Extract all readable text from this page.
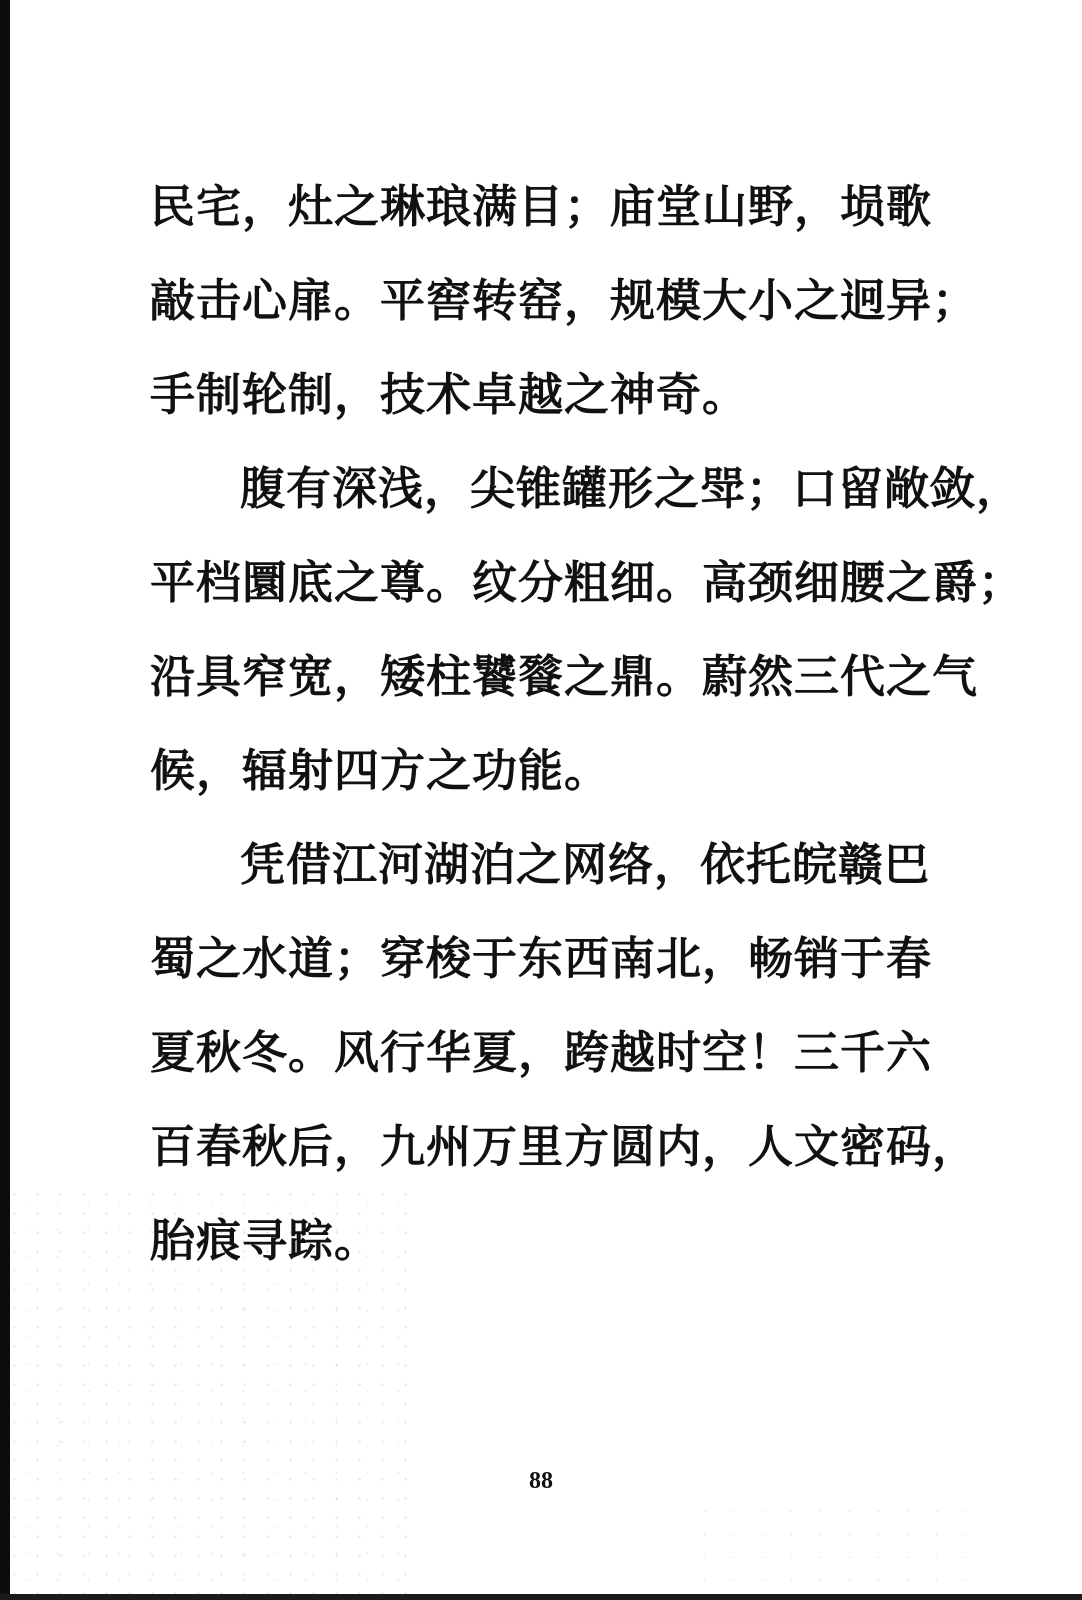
民宅，灶之琳琅满目；庙堂山野，埙歌
敲击心扉。平窖转窑，规模大小之迥异；
手制轮制，技术卓越之神奇。

腹有深浅，尖锥罐形之斝；口留敞敛，
平档圜底之尊。纹分粗细。高颈细腰之爵；
沿具窄宽，矮柱饕餮之鼎。蔚然三代之气
候，辐射四方之功能。

凭借江河湖泊之网络，依托皖赣巴
蜀之水道；穿梭于东西南北，畅销于春
夏秋冬。风行华夏，跨越时空！三千六
百春秋后，九州万里方圆内，人文密码，
胎痕寻踪。

88
